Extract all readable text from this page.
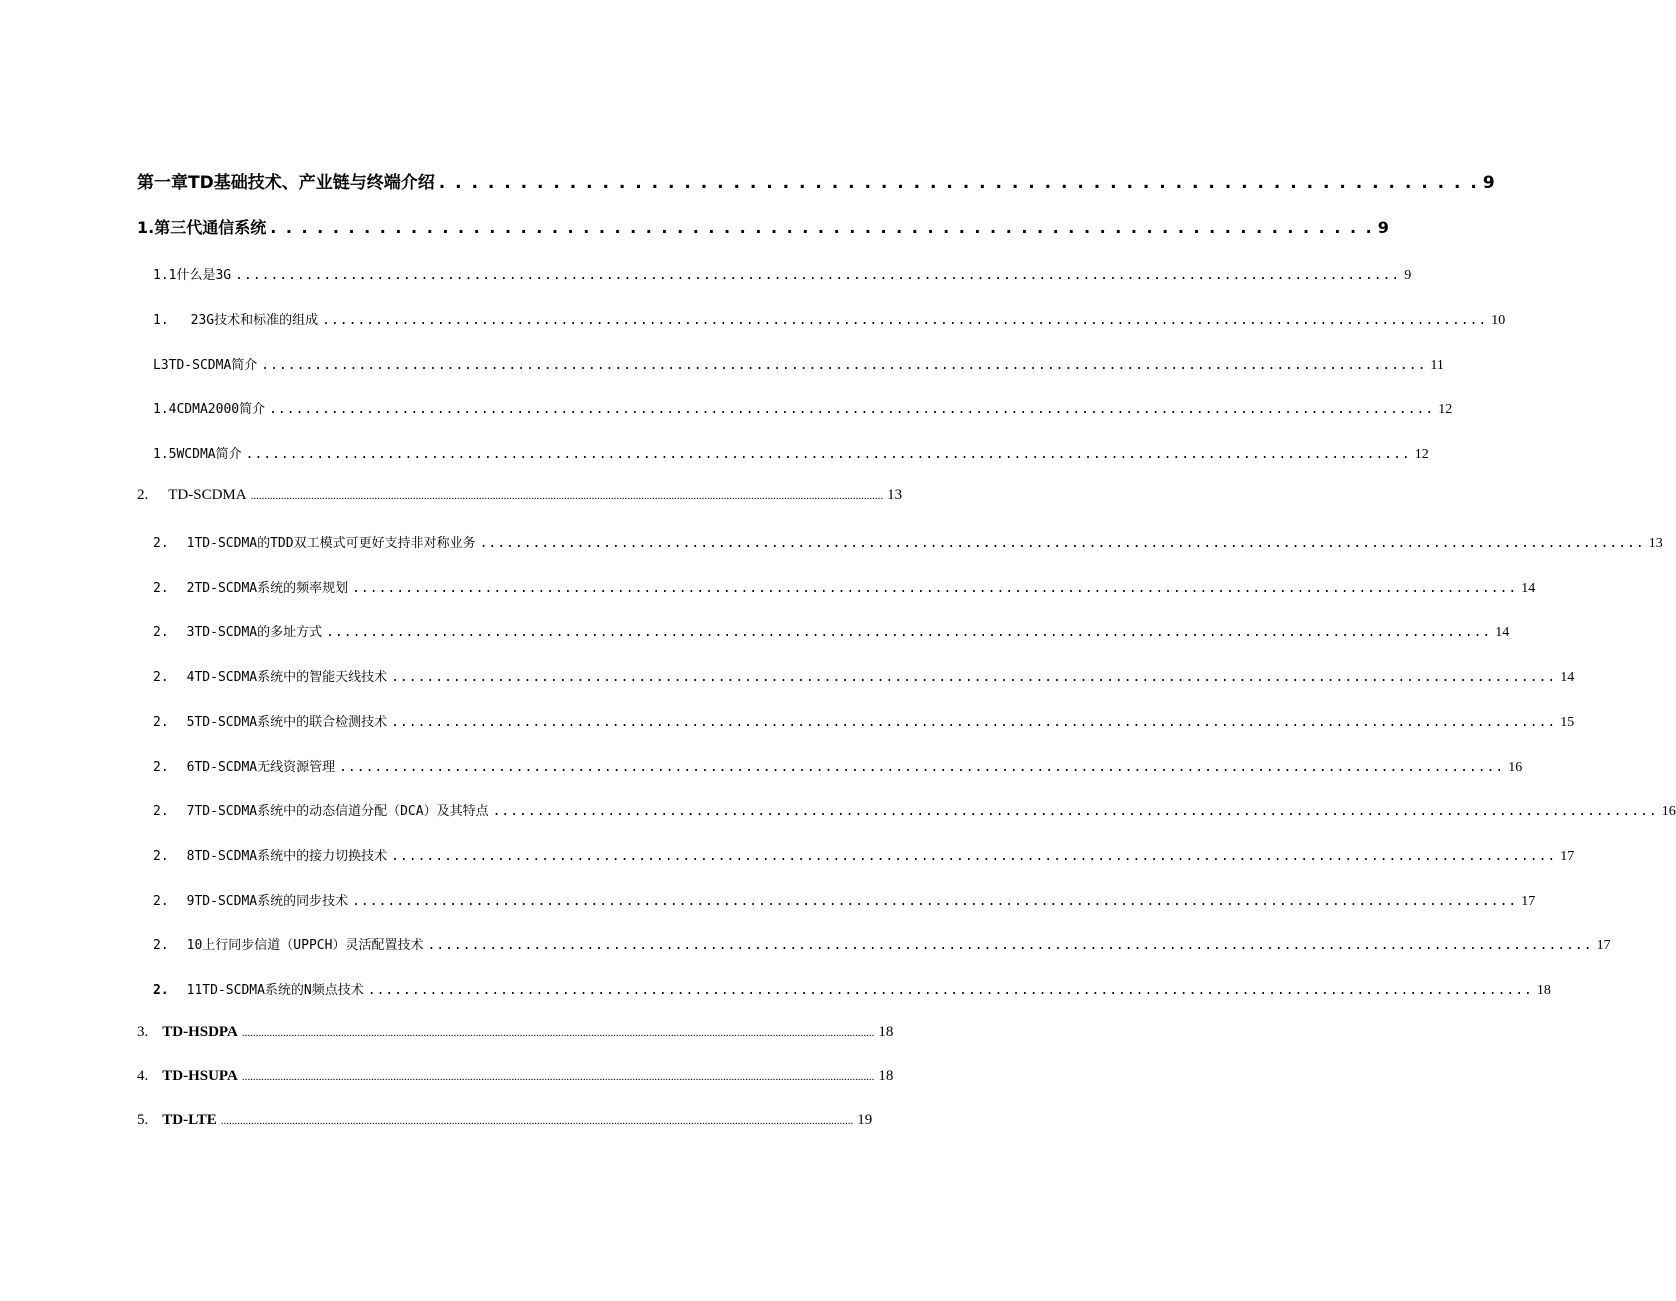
第一章TD基础技术、产业链与终端介绍 . . . . . . . . . . . . . . . . . . . . . . . . . . . . . . . . . . . . . . . . . . . . . . . . . . . . . . . . . . . . . . . . 9
1.第三代通信系统 . . . . . . . . . . . . . . . . . . . . . . . . . . . . . . . . . . . . . . . . . . . . . . . . . . . . . . . . . . . . . . . . . . . . . . . 9
1.1什么是3G .................................................................................................................................... 9
1.	23G技术和标准的组成 .................................................................................................................................... 10
L3TD-SCDMA简介 .................................................................................................................................... 11
1.4CDMA2000简介 .................................................................................................................................... 12
1.5WCDMA简介 .................................................................................................................................... 12
2.	TD-SCDMA ...................................................................................................................................................................................................................................... 13
2.	1TD-SCDMA的TDD双工模式可更好支持非对称业务 .................................................................................................................................... 13
2.	2TD-SCDMA系统的频率规划 .................................................................................................................................... 14
2.	3TD-SCDMA的多址方式 .................................................................................................................................... 14
2.	4TD-SCDMA系统中的智能天线技术 .................................................................................................................................... 14
2.	5TD-SCDMA系统中的联合检测技术 .................................................................................................................................... 15
2.	6TD-SCDMA无线资源管理 .................................................................................................................................... 16
2.	7TD-SCDMA系统中的动态信道分配（DCA）及其特点 .................................................................................................................................... 16
2.	8TD-SCDMA系统中的接力切换技术 .................................................................................................................................... 17
2.	9TD-SCDMA系统的同步技术 .................................................................................................................................... 17
2.	10上行同步信道（UPPCH）灵活配置技术 .................................................................................................................................... 17
2.	11TD-SCDMA系统的N频点技术 .................................................................................................................................... 18
3. TD-HSDPA ...................................................................................................................................................................................................................................... 18
4. TD-HSUPA ...................................................................................................................................................................................................................................... 18
5. TD-LTE ...................................................................................................................................................................................................................................... 19
